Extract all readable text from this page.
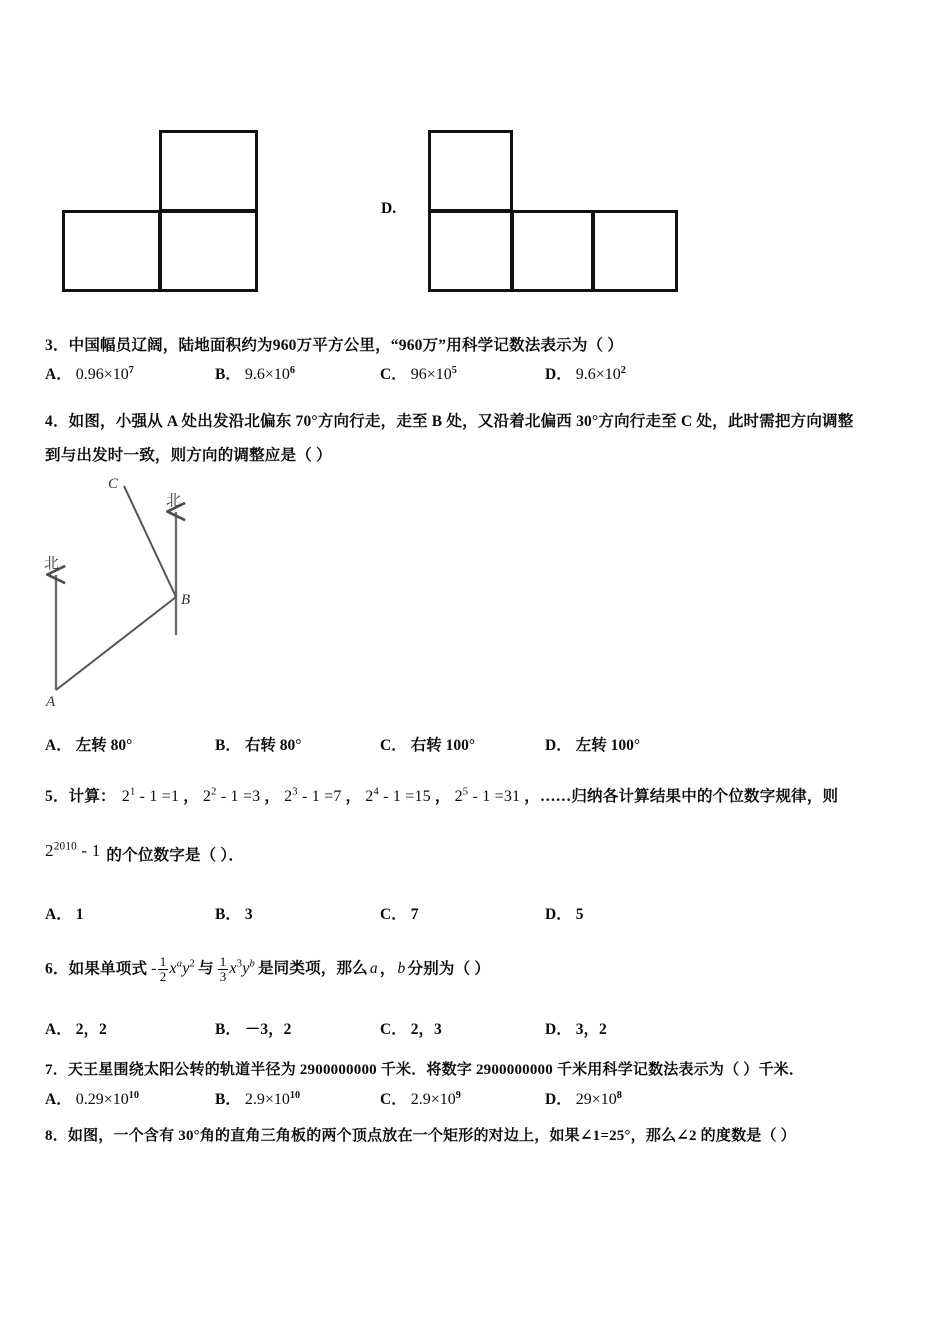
D.
3．中国幅员辽阔，陆地面积约为960万平方公里，“960万”用科学记数法表示为（ ）
A． $0.96\times 10^7$	B． $9.6\times 10^6$	C． $96\times 10^5$	D． $9.6\times 10^2$
4．如图，小强从 A 处出发沿北偏东 70°方向行走，走至 B 处，又沿着北偏西 30°方向行走至 C 处，此时需把方向调整
到与出发时一致，则方向的调整应是（ ）
A
B
C
北
北
A． 左转 80°	B． 右转 80°	C． 右转 100°	D． 左转 100°
5．计算： $2^1 - 1 =1$ ， $2^2 - 1 =3$ ， $2^3 - 1 =7$ ， $2^4 - 1 =15$ ， $2^5 - 1 =31$ ，……归纳各计算结果中的个位数字规律，则
$2^{2010} - 1$ 的个位数字是（ ）．
A． 1	B． 3	C． 7	D． 5
6．如果单项式 - $\frac{1}{2} x^ay^2$ 与 $\frac{1}{3} x^3y^b$ 是同类项，那么 a ， b 分别为（ ）
A． 2，2	B． －3，2	C． 2，3	D． 3，2
7．天王星围绕太阳公转的轨道半径为 2900000000 千米．将数字 2900000000 千米用科学记数法表示为（ ）千米．
A． $0.29\times 10^{10}$	B． $2.9\times 10^{10}$	C． $2.9\times 10^9$	D． $29\times 10^8$
8．如图，一个含有 30°角的直角三角板的两个顶点放在一个矩形的对边上，如果∠1=25°，那么∠2 的度数是（ ）
